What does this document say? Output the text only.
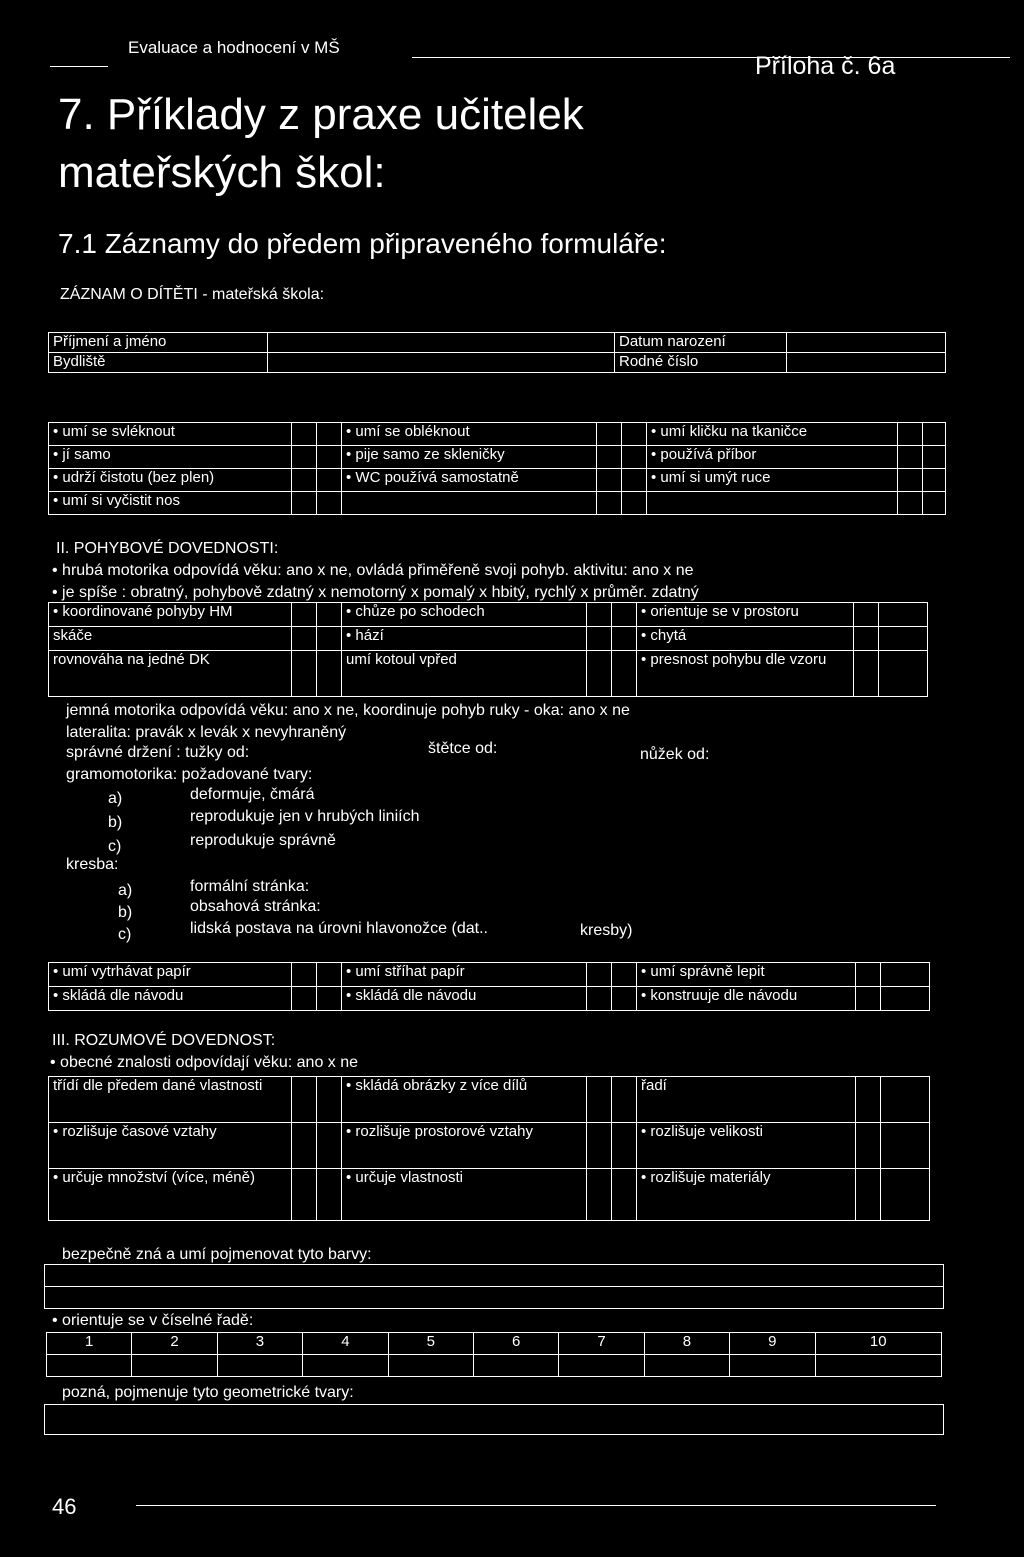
Evaluace a hodnocení v MŠ
Příloha č. 6a
7. Příklady z praxe učitelek
mateřských škol:
7.1 Záznamy do předem připraveného formuláře:
ZÁZNAM O DÍTĚTI - mateřská škola:
Příjmení a jméno		Datum narození	
Bydliště		Rodné číslo	
• umí se svléknout			• umí se obléknout			• umí kličku na tkaničce		
• jí samo			• pije samo ze skleničky			• používá příbor		
• udrží čistotu (bez plen)			• WC používá samostatně			• umí si umýt ruce		
• umí si vyčistit nos								
II. POHYBOVÉ DOVEDNOSTI:
• hrubá motorika odpovídá věku: ano x ne, ovládá přiměřeně svoji pohyb. aktivitu: ano x ne
• je spíše : obratný, pohybově zdatný x nemotorný x pomalý x hbitý, rychlý x průměr. zdatný
• koordinované pohyby HM			• chůze po schodech			• orientuje se v prostoru		
skáče			• hází			• chytá		
rovnováha na jedné DK			umí kotoul vpřed			• presnost pohybu dle vzoru		
jemná motorika odpovídá věku: ano x ne, koordinuje pohyb ruky - oka: ano x ne
lateralita: pravák x levák x nevyhraněný
správné držení : tužky od:	štětce od:	nůžek od:
gramomotorika: požadované tvary:
a)	deformuje, čmárá
b)	reprodukuje jen v hrubých liniích
c)	reprodukuje správně
kresba:
a)	formální stránka:
b)	obsahová stránka:
c)	lidská postava na úrovni hlavonožce (dat..	kresby)
• umí vytrhávat papír			• umí stříhat papír			• umí správně lepit		
• skládá dle návodu			• skládá dle návodu			• konstruuje dle návodu		
III. ROZUMOVÉ DOVEDNOST:
• obecné znalosti odpovídají věku: ano x ne
třídí dle předem dané vlastnosti			• skládá obrázky z více dílů			řadí		
• rozlišuje časové vztahy			• rozlišuje prostorové vztahy			• rozlišuje velikosti		
• určuje množství (více, méně)			• určuje vlastnosti			• rozlišuje materiály		
bezpečně zná a umí pojmenovat tyto barvy:

• orientuje se v číselné řadě:
1	2	3	4	5	6	7	8	9	10

pozná, pojmenuje tyto geometrické tvary:
46
